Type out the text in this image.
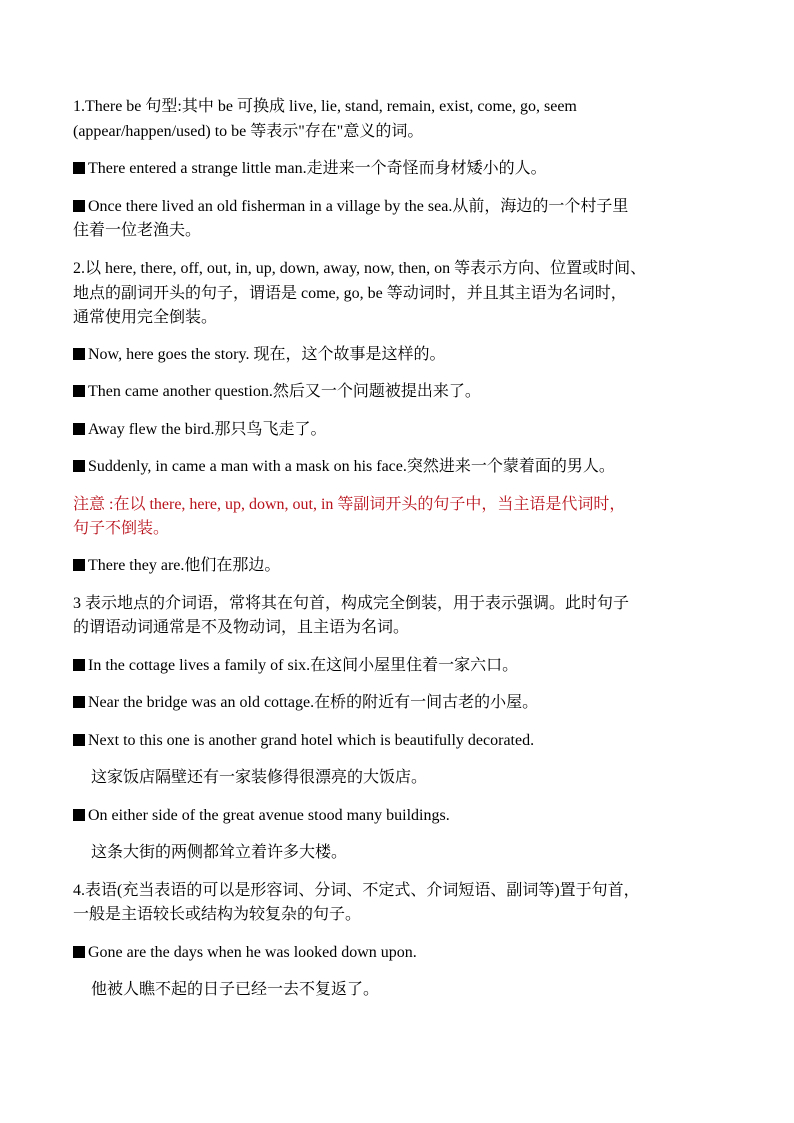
1.There be 句型:其中 be 可换成 live, lie, stand, remain, exist, come, go, seem
(appear/happen/used) to be 等表示"存在"意义的词。
There entered a strange little man.走进来一个奇怪而身材矮小的人。
Once there lived an old fisherman in a village by the sea.从前，海边的一个村子里
住着一位老渔夫。
2.以 here, there, off, out, in, up, down, away, now, then, on 等表示方向、位置或时间、
地点的副词开头的句子，谓语是 come, go, be 等动词时，并且其主语为名词时，
通常使用完全倒装。
Now, here goes the story. 现在，这个故事是这样的。
Then came another question.然后又一个问题被提出来了。
Away flew the bird.那只鸟飞走了。
Suddenly, in came a man with a mask on his face.突然进来一个蒙着面的男人。
注意 :在以 there, here, up, down, out, in 等副词开头的句子中，当主语是代词时，
句子不倒装。
There they are.他们在那边。
3 表示地点的介词语，常将其在句首，构成完全倒装，用于表示强调。此时句子
的谓语动词通常是不及物动词，且主语为名词。
In the cottage lives a family of six.在这间小屋里住着一家六口。
Near the bridge was an old cottage.在桥的附近有一间古老的小屋。
Next to this one is another grand hotel which is beautifully decorated.
这家饭店隔壁还有一家装修得很漂亮的大饭店。
On either side of the great avenue stood many buildings.
这条大街的两侧都耸立着许多大楼。
4.表语(充当表语的可以是形容词、分词、不定式、介词短语、副词等)置于句首，
一般是主语较长或结构为较复杂的句子。
Gone are the days when he was looked down upon.
他被人瞧不起的日子已经一去不复返了。
